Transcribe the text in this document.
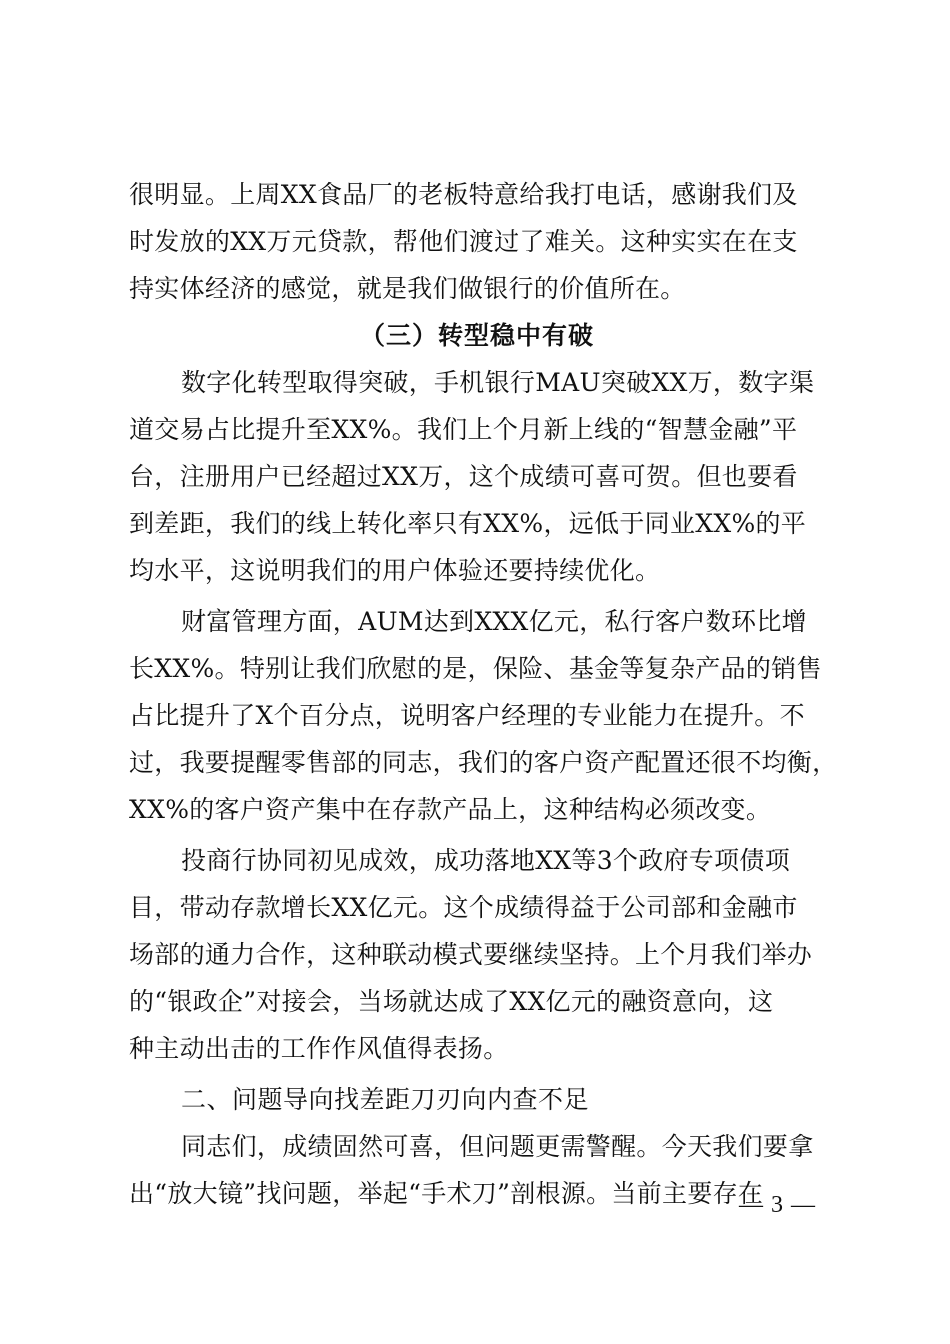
很明显。上周XX食品厂的老板特意给我打电话，感谢我们及
时发放的XX万元贷款，帮他们渡过了难关。这种实实在在支
持实体经济的感觉，就是我们做银行的价值所在。
（三）转型稳中有破
数字化转型取得突破，手机银行MAU突破XX万，数字渠
道交易占比提升至XX%。我们上个月新上线的“智慧金融”平
台，注册用户已经超过XX万，这个成绩可喜可贺。但也要看
到差距，我们的线上转化率只有XX%，远低于同业XX%的平
均水平，这说明我们的用户体验还要持续优化。
财富管理方面，AUM达到XXX亿元，私行客户数环比增
长XX%。特别让我们欣慰的是，保险、基金等复杂产品的销售
占比提升了X个百分点，说明客户经理的专业能力在提升。不
过，我要提醒零售部的同志，我们的客户资产配置还很不均衡，
XX%的客户资产集中在存款产品上，这种结构必须改变。
投商行协同初见成效，成功落地XX等3个政府专项债项
目，带动存款增长XX亿元。这个成绩得益于公司部和金融市
场部的通力合作，这种联动模式要继续坚持。上个月我们举办
的“银政企”对接会，当场就达成了XX亿元的融资意向，这
种主动出击的工作作风值得表扬。
二、问题导向找差距刀刃向内查不足
同志们，成绩固然可喜，但问题更需警醒。今天我们要拿
出“放大镜”找问题，举起“手术刀”剖根源。当前主要存在
— 3 —
